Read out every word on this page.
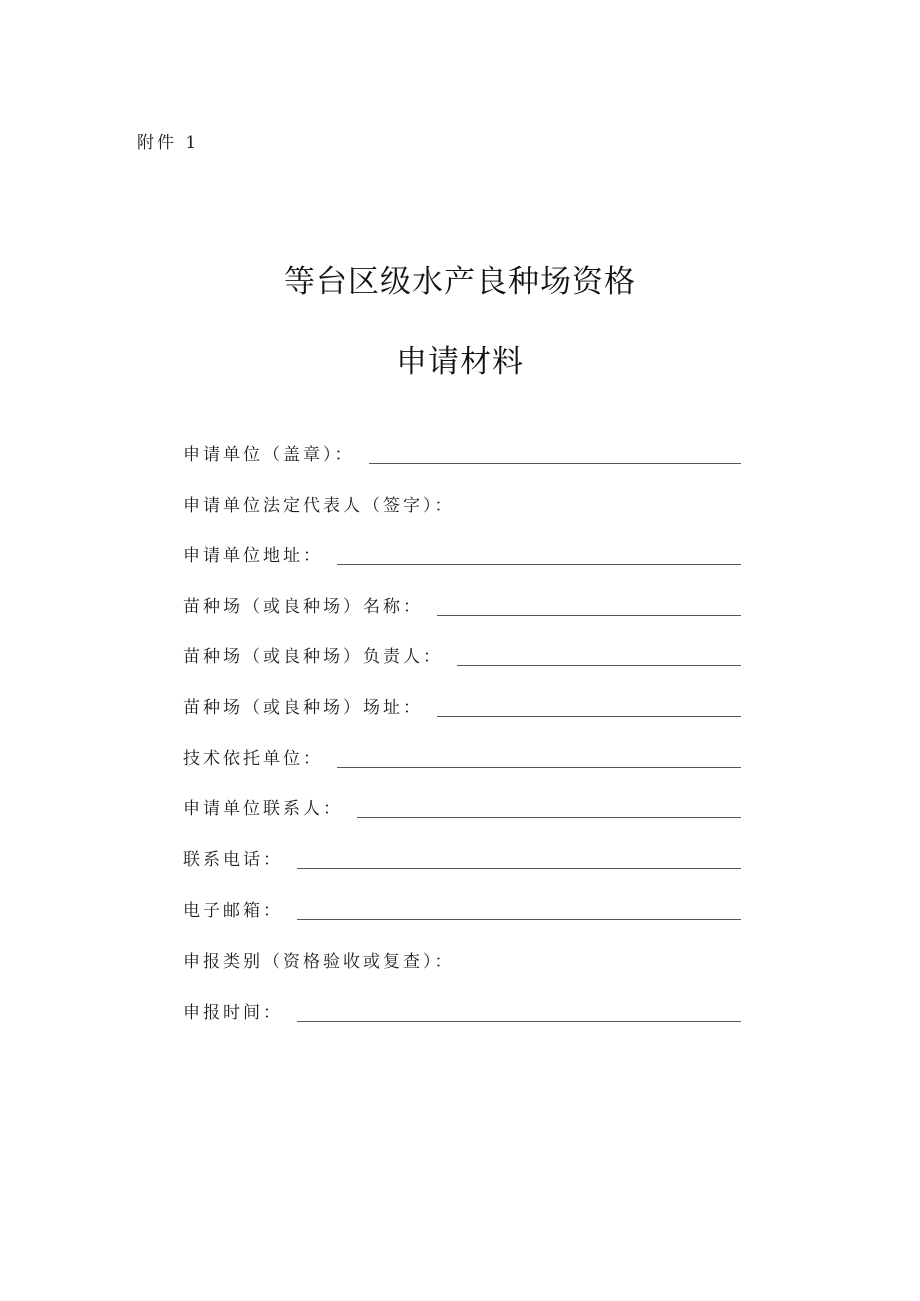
附件 1
等台区级水产良种场资格
申请材料
申请单位（盖章）：
申请单位法定代表人（签字）：
申请单位地址：
苗种场（或良种场）名称：
苗种场（或良种场）负责人：
苗种场（或良种场）场址：
技术依托单位：
申请单位联系人：
联系电话：
电子邮箱：
申报类别（资格验收或复查）：
申报时间：
